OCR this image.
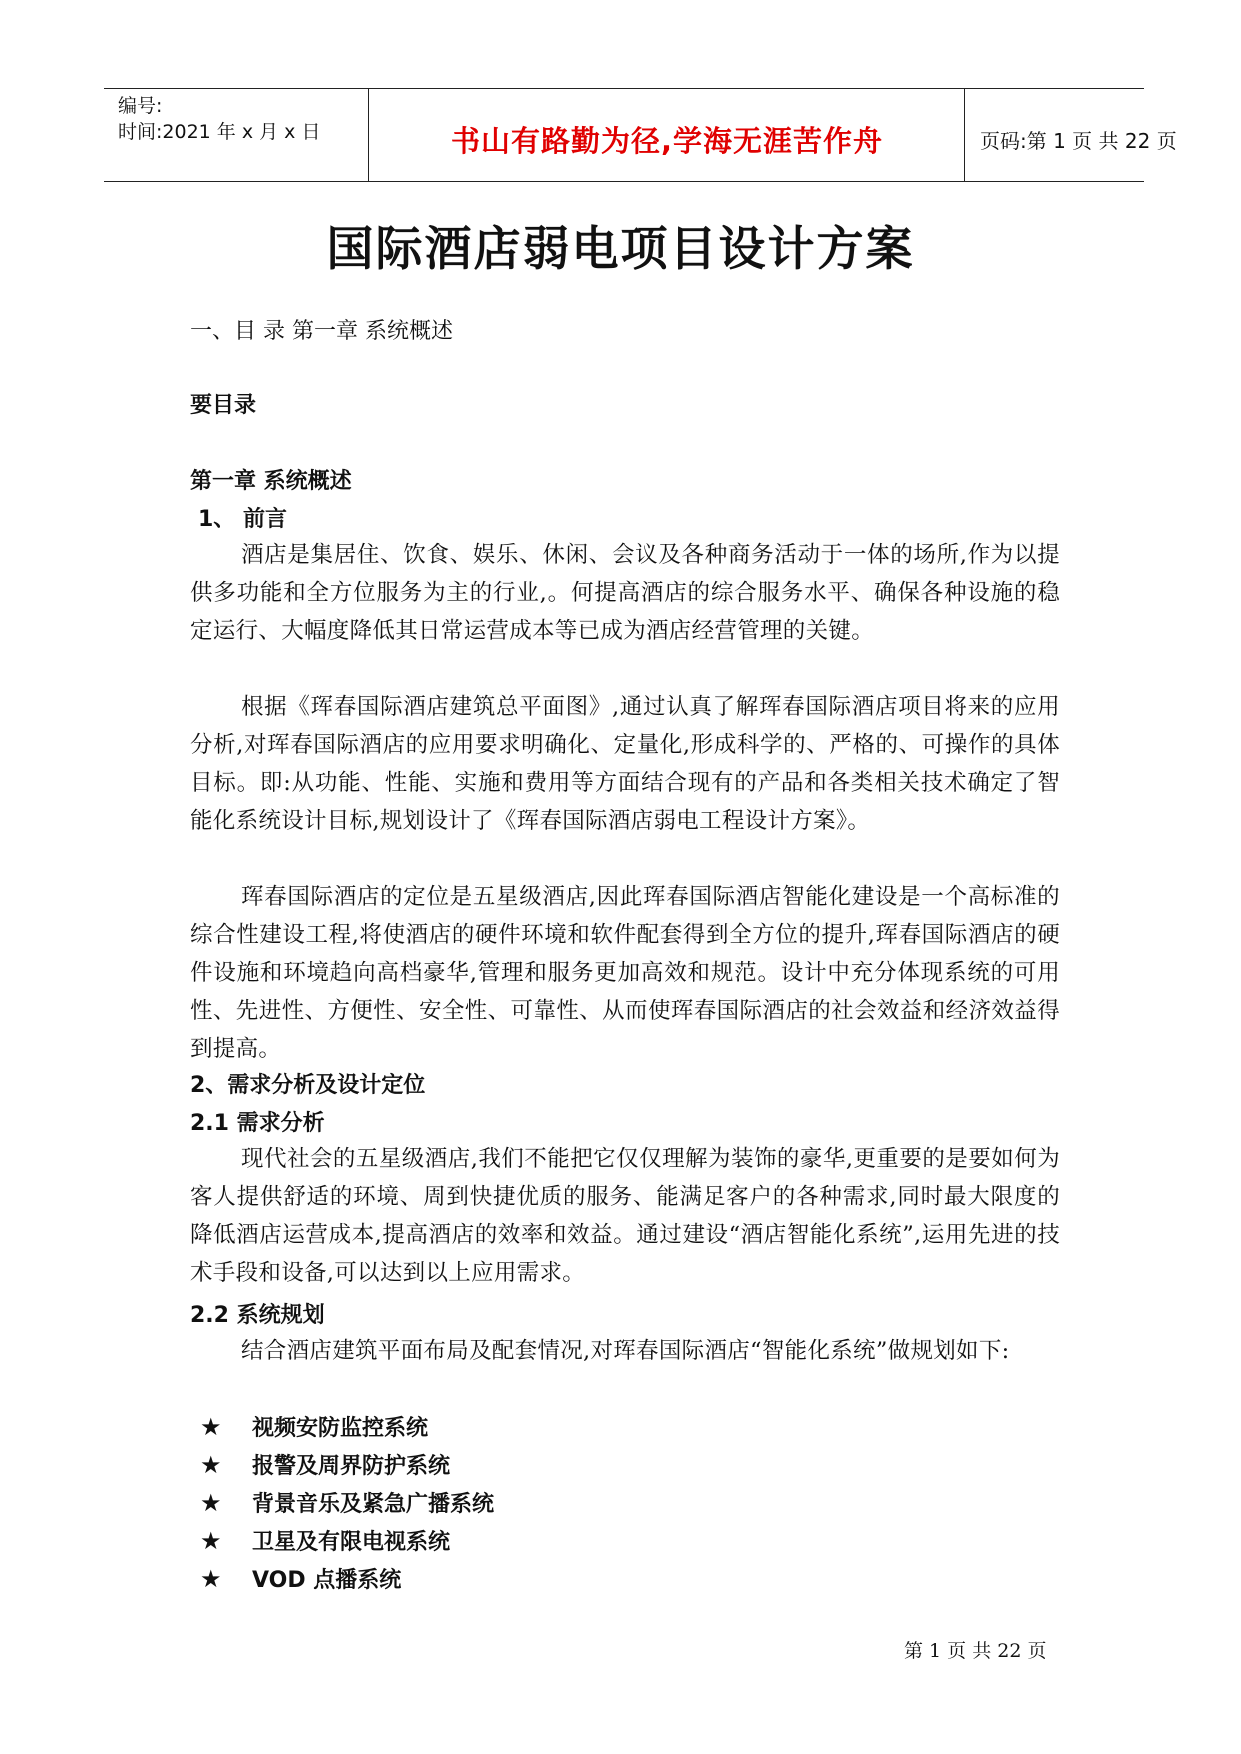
编号:
时间:2021 年 x 月 x 日	书山有路勤为径,学海无涯苦作舟	页码:第 1 页 共 22 页
国际酒店弱电项目设计方案
一、目 录 第一章 系统概述
要目录
第一章 系统概述
1、 前言
酒店是集居住、饮食、娱乐、休闲、会议及各种商务活动于一体的场所,作为以提供多功能和全方位服务为主的行业,。何提高酒店的综合服务水平、确保各种设施的稳定运行、大幅度降低其日常运营成本等已成为酒店经营管理的关键。
根据《珲春国际酒店建筑总平面图》,通过认真了解珲春国际酒店项目将来的应用分析,对珲春国际酒店的应用要求明确化、定量化,形成科学的、严格的、可操作的具体目标。即:从功能、性能、实施和费用等方面结合现有的产品和各类相关技术确定了智能化系统设计目标,规划设计了《珲春国际酒店弱电工程设计方案》。
珲春国际酒店的定位是五星级酒店,因此珲春国际酒店智能化建设是一个高标准的综合性建设工程,将使酒店的硬件环境和软件配套得到全方位的提升,珲春国际酒店的硬件设施和环境趋向高档豪华,管理和服务更加高效和规范。设计中充分体现系统的可用性、先进性、方便性、安全性、可靠性、从而使珲春国际酒店的社会效益和经济效益得到提高。
2、需求分析及设计定位
2.1 需求分析
现代社会的五星级酒店,我们不能把它仅仅理解为装饰的豪华,更重要的是要如何为客人提供舒适的环境、周到快捷优质的服务、能满足客户的各种需求,同时最大限度的降低酒店运营成本,提高酒店的效率和效益。通过建设“酒店智能化系统”,运用先进的技术手段和设备,可以达到以上应用需求。
2.2 系统规划
结合酒店建筑平面布局及配套情况,对珲春国际酒店“智能化系统”做规划如下:
★ 视频安防监控系统
★ 报警及周界防护系统
★ 背景音乐及紧急广播系统
★ 卫星及有限电视系统
★ VOD 点播系统
第 1 页 共 22 页
